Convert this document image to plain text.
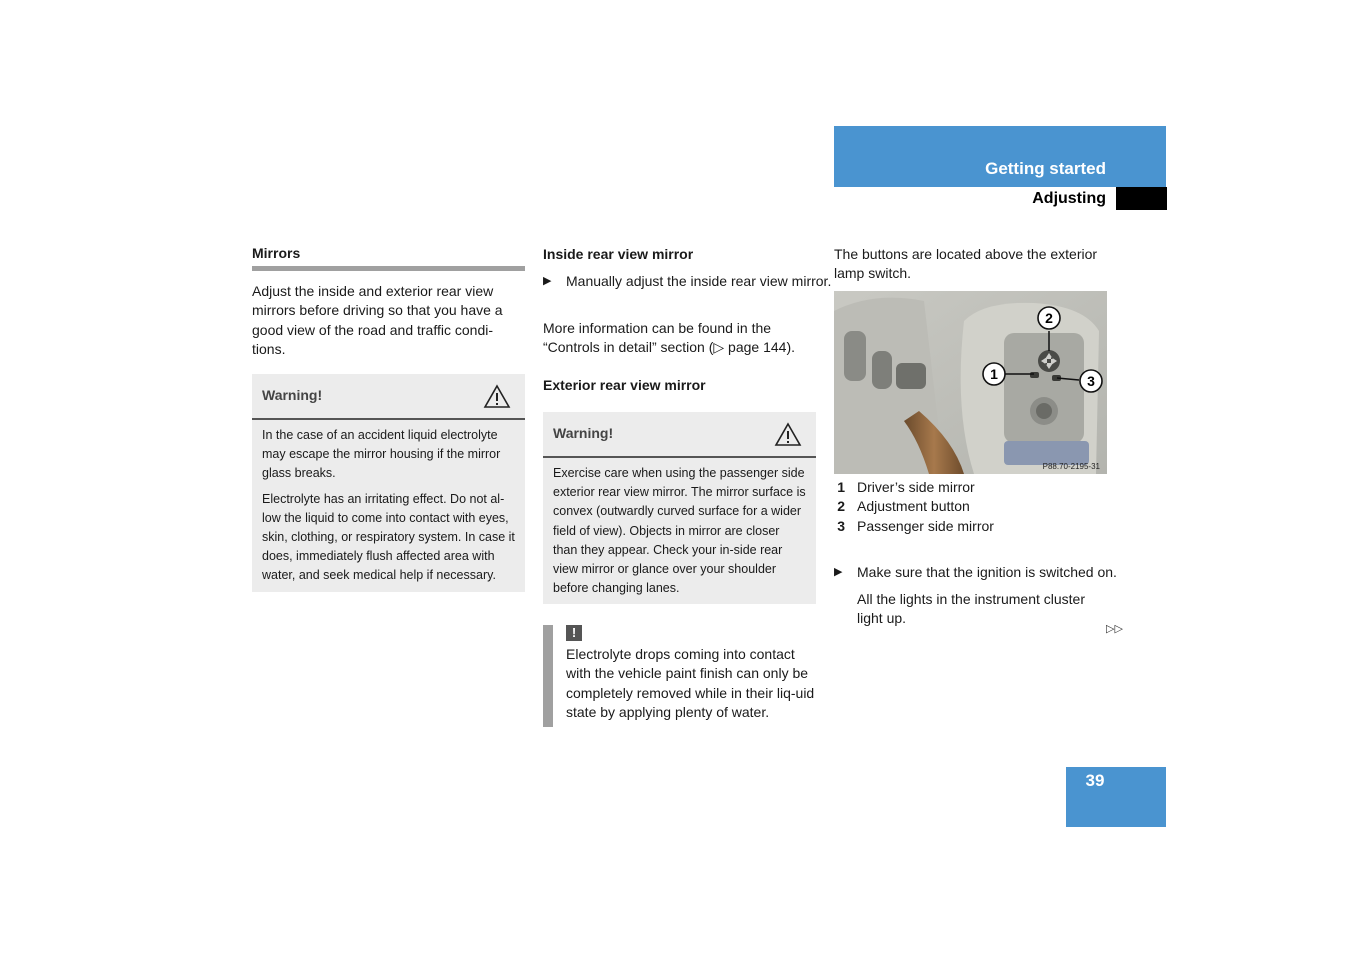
Getting started
Adjusting
Mirrors
Adjust the inside and exterior rear view mirrors before driving so that you have a good view of the road and traffic condi-tions.
Warning!

In the case of an accident liquid electrolyte may escape the mirror housing if the mirror glass breaks.

Electrolyte has an irritating effect. Do not al-low the liquid to come into contact with eyes, skin, clothing, or respiratory system. In case it does, immediately flush affected area with water, and seek medical help if necessary.

Inside rear view mirror
▶ Manually adjust the inside rear view mirror.
More information can be found in the “Controls in detail” section (▷ page 144).
Exterior rear view mirror
Warning!

Exercise care when using the passenger side exterior rear view mirror. The mirror surface is convex (outwardly curved surface for a wider field of view). Objects in mirror are closer than they appear. Check your in-side rear view mirror or glance over your shoulder before changing lanes.

!
Electrolyte drops coming into contact with the vehicle paint finish can only be completely removed while in their liq-uid state by applying plenty of water.
The buttons are located above the exterior lamp switch.
1
2
3
P88.70-2195-31
1 Driver’s side mirror
2 Adjustment button
3 Passenger side mirror
▶ Make sure that the ignition is switched on.
All the lights in the instrument cluster light up.
▷▷
39
